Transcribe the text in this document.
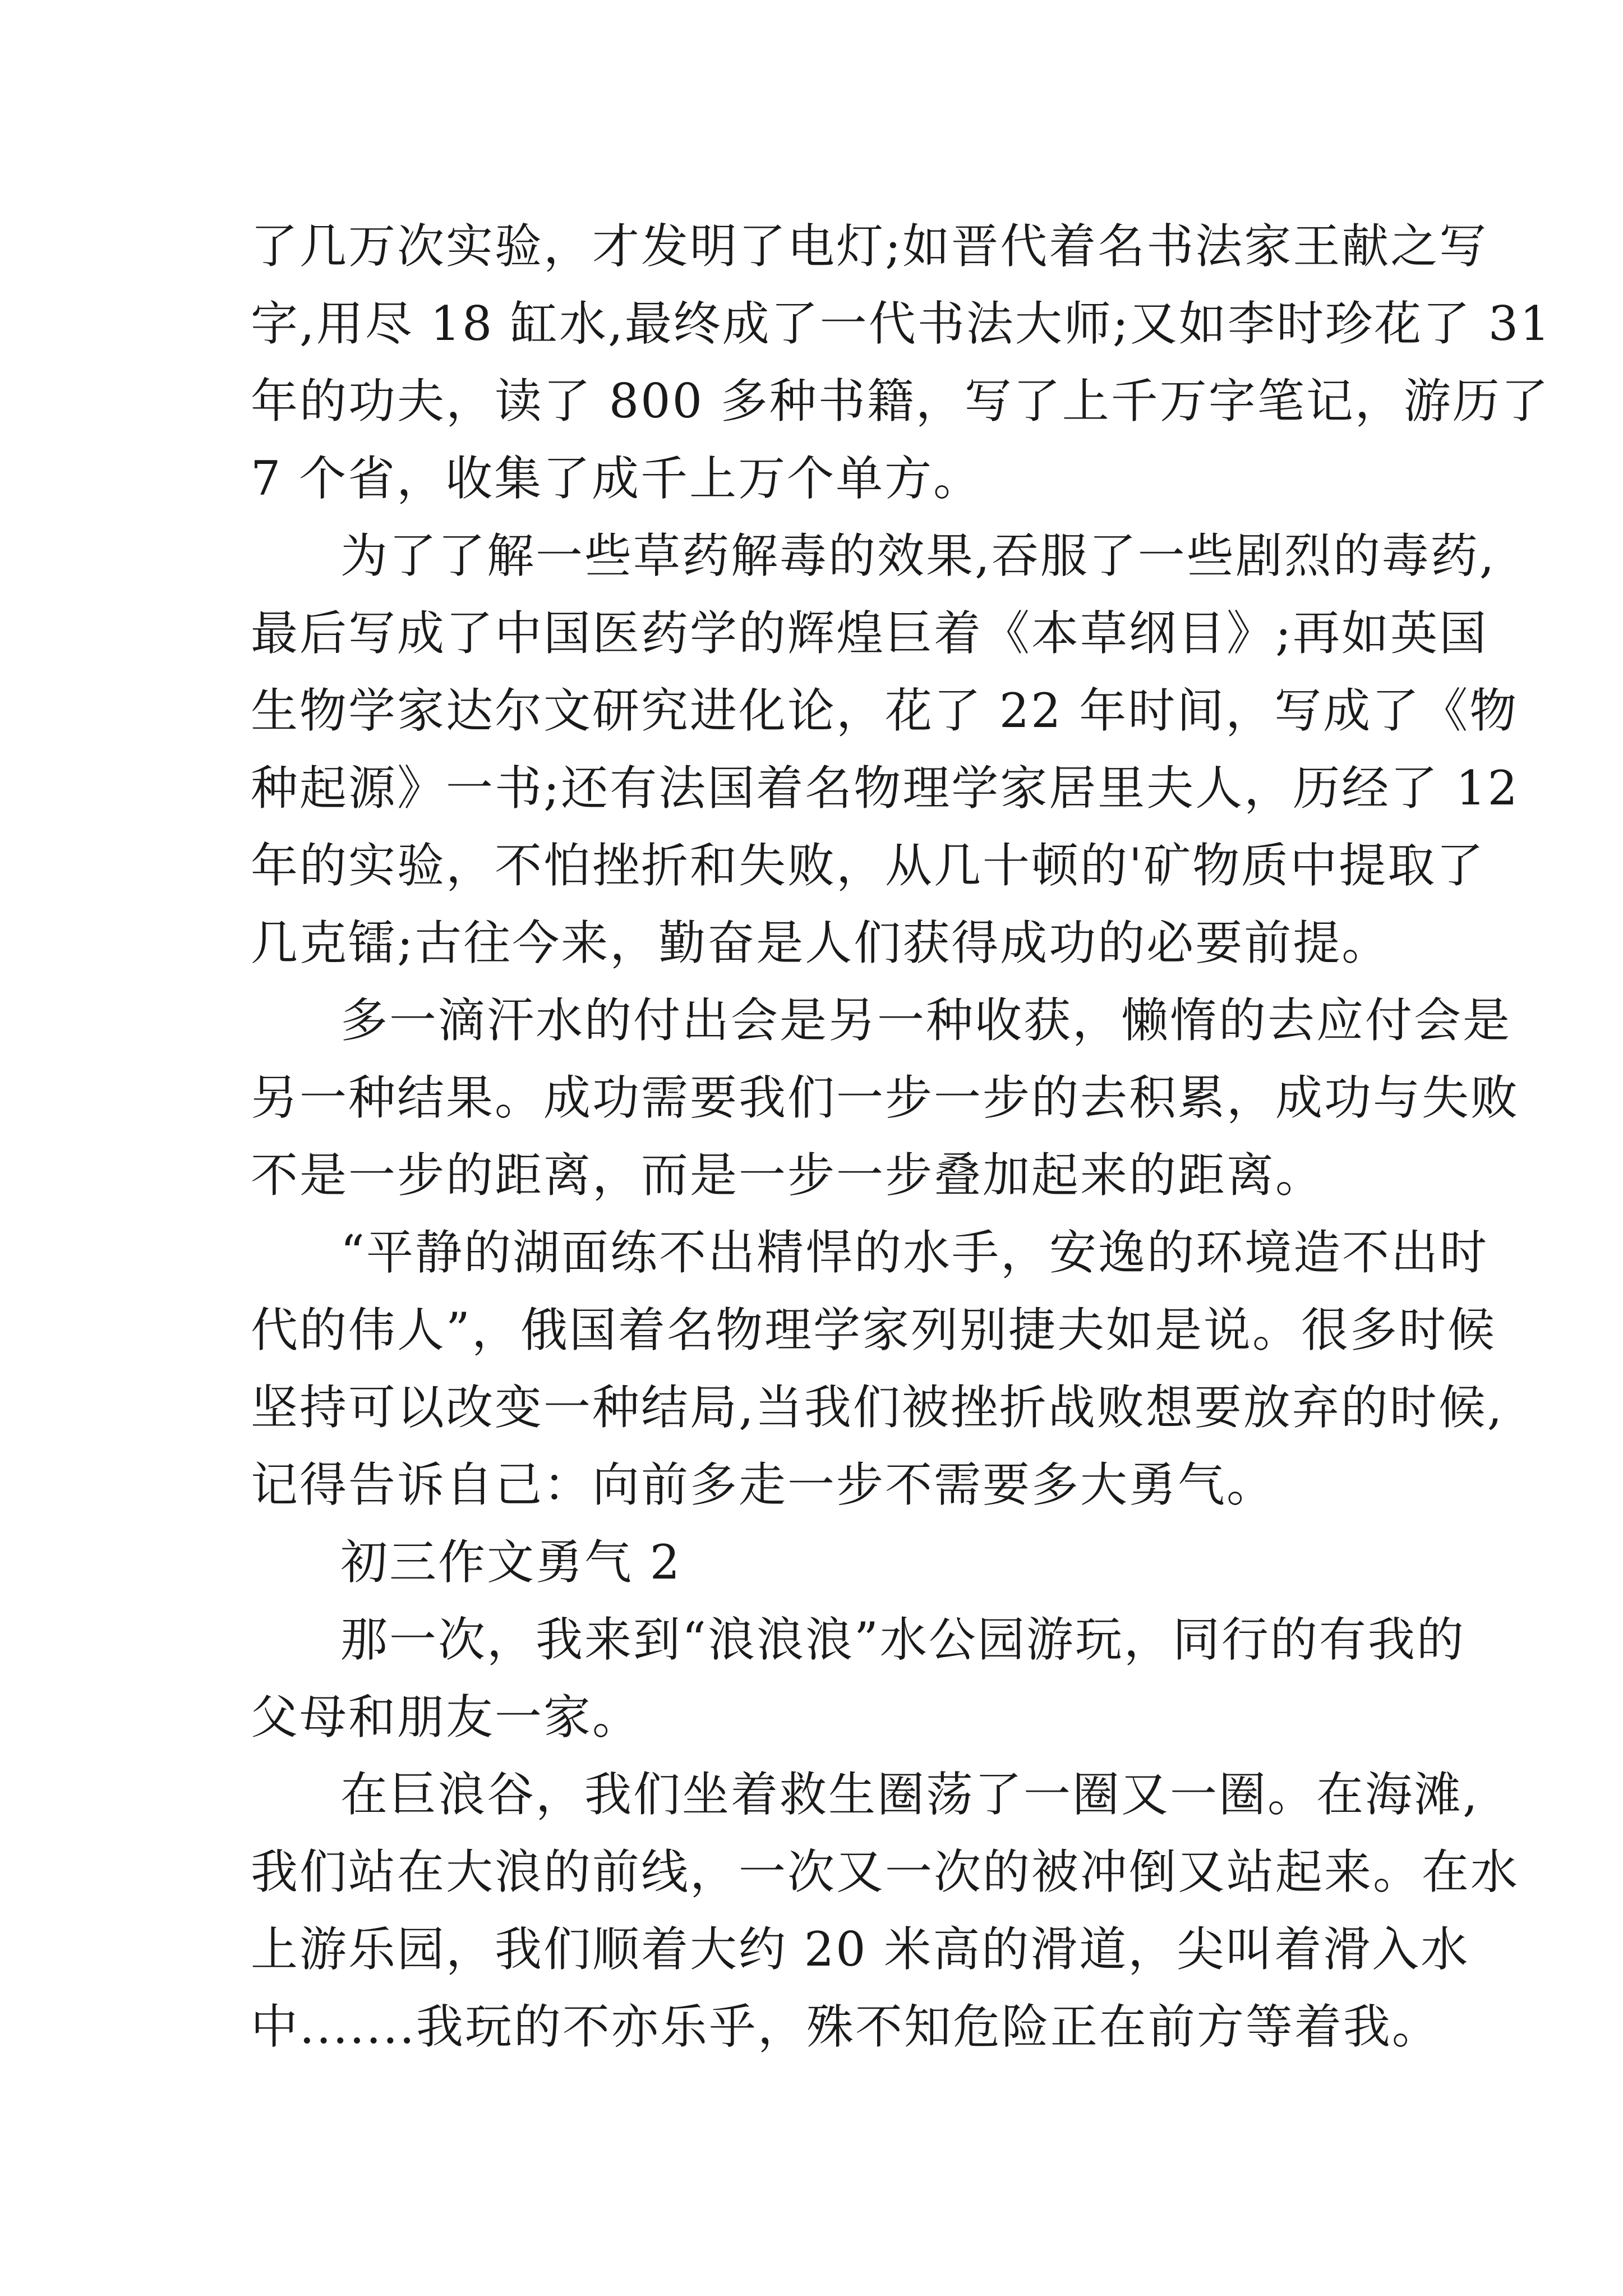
了几万次实验，才发明了电灯;如晋代着名书法家王献之写
字,用尽 18 缸水,最终成了一代书法大师;又如李时珍花了 31
年的功夫，读了 800 多种书籍，写了上千万字笔记，游历了
7 个省，收集了成千上万个单方。
为了了解一些草药解毒的效果,吞服了一些剧烈的毒药,
最后写成了中国医药学的辉煌巨着《本草纲目》;再如英国
生物学家达尔文研究进化论，花了 22 年时间，写成了《物
种起源》一书;还有法国着名物理学家居里夫人，历经了 12
年的实验，不怕挫折和失败，从几十顿的'矿物质中提取了
几克镭;古往今来，勤奋是人们获得成功的必要前提。
多一滴汗水的付出会是另一种收获，懒惰的去应付会是
另一种结果。成功需要我们一步一步的去积累，成功与失败
不是一步的距离，而是一步一步叠加起来的距离。
“平静的湖面练不出精悍的水手，安逸的环境造不出时
代的伟人”，俄国着名物理学家列别捷夫如是说。很多时候
坚持可以改变一种结局,当我们被挫折战败想要放弃的时候,
记得告诉自己：向前多走一步不需要多大勇气。
初三作文勇气 2
那一次，我来到“浪浪浪”水公园游玩，同行的有我的
父母和朋友一家。
在巨浪谷，我们坐着救生圈荡了一圈又一圈。在海滩,
我们站在大浪的前线，一次又一次的被冲倒又站起来。在水
上游乐园，我们顺着大约 20 米高的滑道，尖叫着滑入水
中.......我玩的不亦乐乎，殊不知危险正在前方等着我。
